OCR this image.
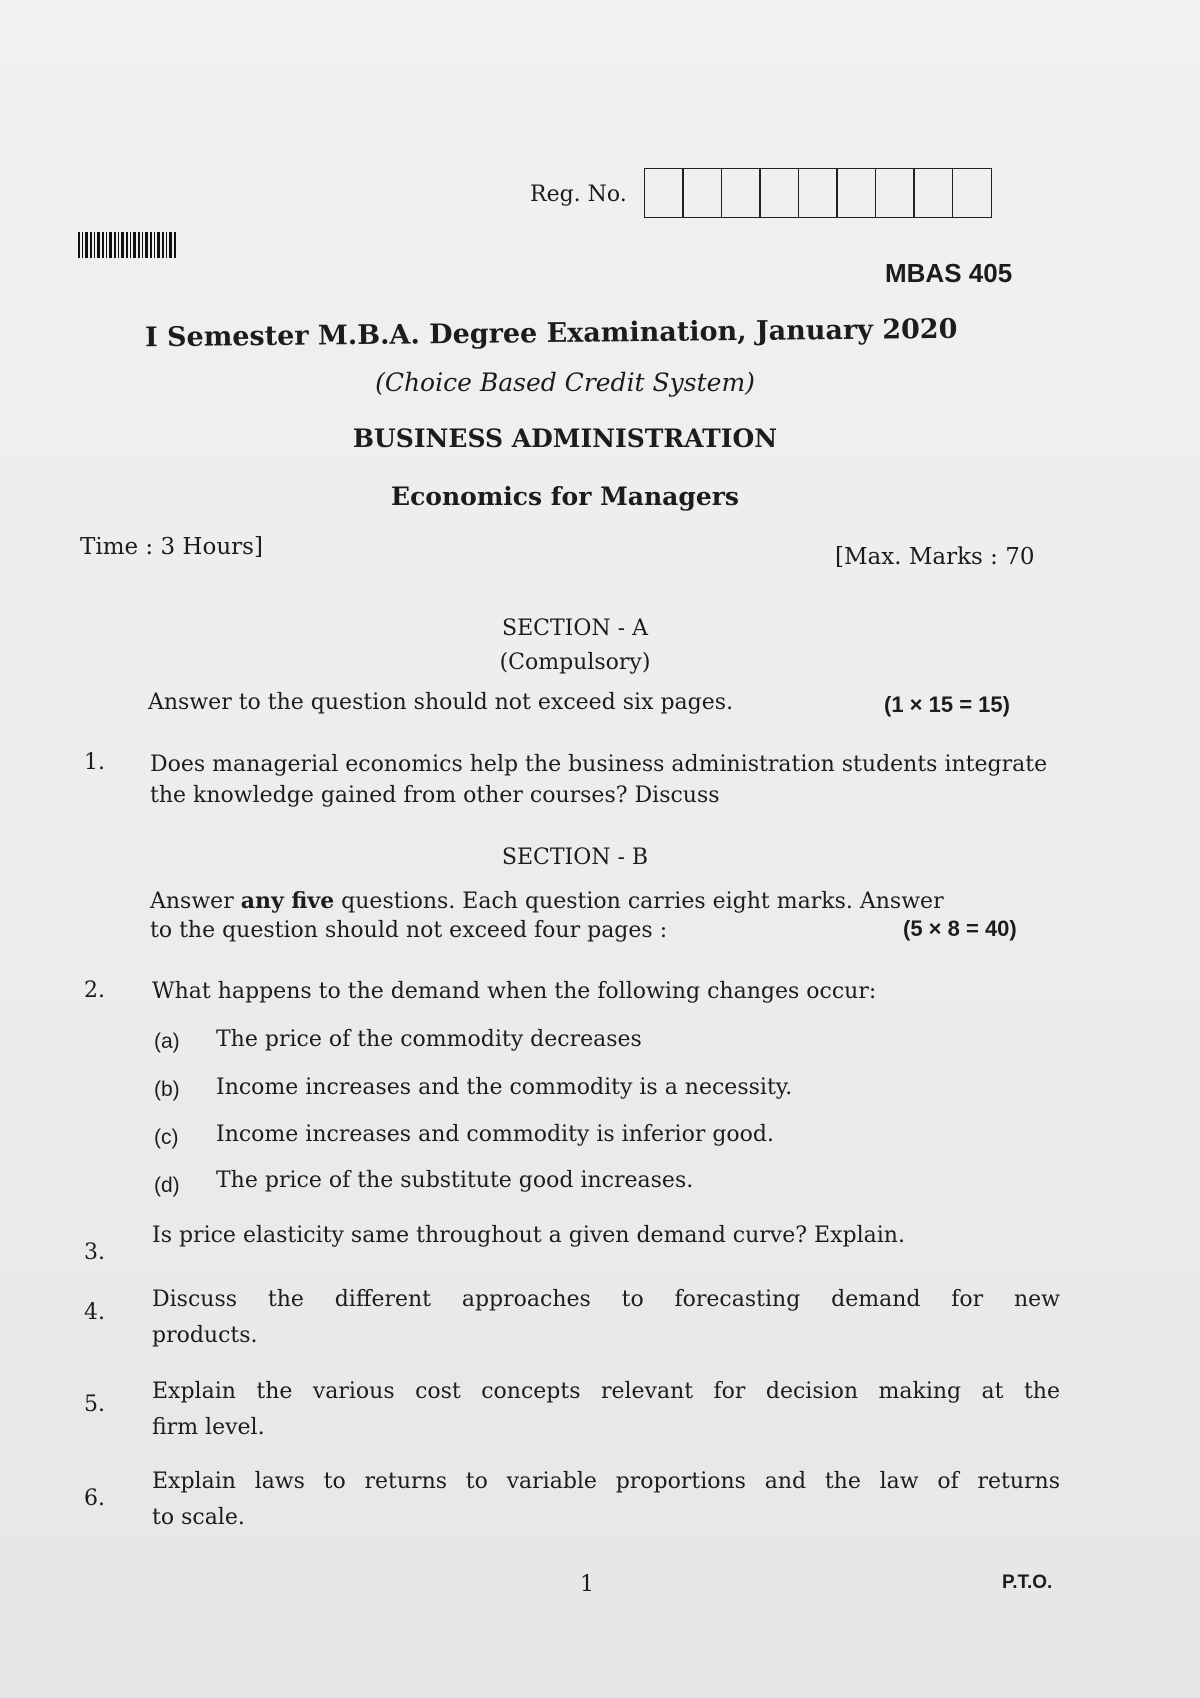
Reg. No.
MBAS 405
I Semester M.B.A. Degree Examination, January 2020
(Choice Based Credit System)
BUSINESS ADMINISTRATION
Economics for Managers
Time : 3 Hours]	[Max. Marks : 70
SECTION - A
(Compulsory)
Answer to the question should not exceed six pages.	(1 × 15 = 15)
1. Does managerial economics help the business administration students integrate the knowledge gained from other courses? Discuss
SECTION - B
Answer any five questions. Each question carries eight marks. Answer
to the question should not exceed four pages :	(5 × 8 = 40)
2. What happens to the demand when the following changes occur:
(a) The price of the commodity decreases
(b) Income increases and the commodity is a necessity.
(c) Income increases and commodity is inferior good.
(d) The price of the substitute good increases.
3.
Is price elasticity same throughout a given demand curve? Explain.
4.
Discuss the different approaches to forecasting demand for new
products.
5.
Explain the various cost concepts relevant for decision making at the
firm level.
6.
Explain laws to returns to variable proportions and the law of returns
to scale.
1	P.T.O.
